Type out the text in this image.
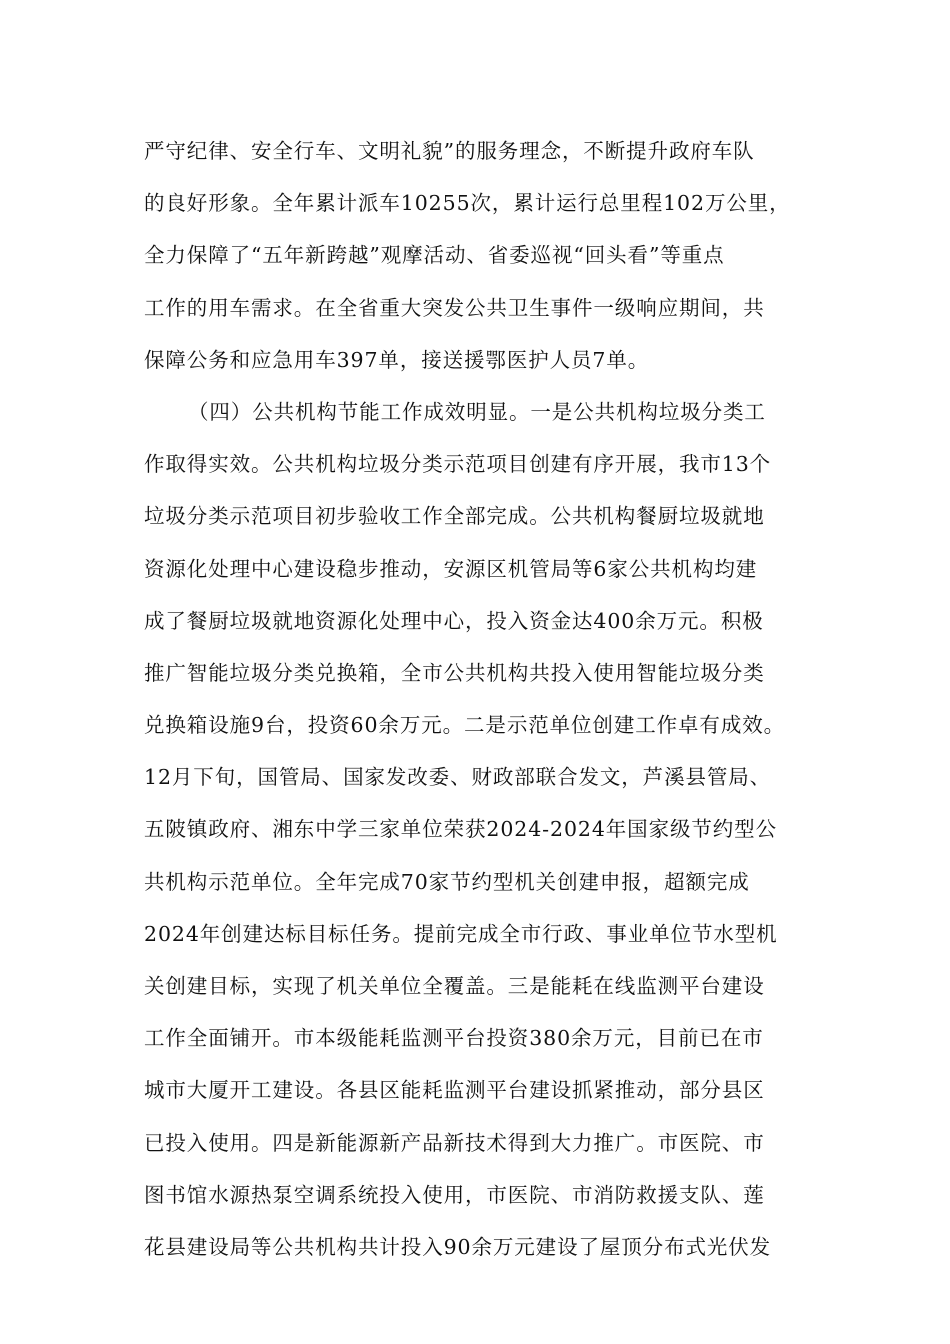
严守纪律、安全行车、文明礼貌”的服务理念，不断提升政府车队
的良好形象。全年累计派车10255次，累计运行总里程102万公里，
全力保障了“五年新跨越”观摩活动、省委巡视“回头看”等重点
工作的用车需求。在全省重大突发公共卫生事件一级响应期间，共
保障公务和应急用车397单，接送援鄂医护人员7单。
（四）公共机构节能工作成效明显。一是公共机构垃圾分类工
作取得实效。公共机构垃圾分类示范项目创建有序开展，我市13个
垃圾分类示范项目初步验收工作全部完成。公共机构餐厨垃圾就地
资源化处理中心建设稳步推动，安源区机管局等6家公共机构均建
成了餐厨垃圾就地资源化处理中心，投入资金达400余万元。积极
推广智能垃圾分类兑换箱，全市公共机构共投入使用智能垃圾分类
兑换箱设施9台，投资60余万元。二是示范单位创建工作卓有成效。
12月下旬，国管局、国家发改委、财政部联合发文，芦溪县管局、
五陂镇政府、湘东中学三家单位荣获2024-2024年国家级节约型公
共机构示范单位。全年完成70家节约型机关创建申报，超额完成
2024年创建达标目标任务。提前完成全市行政、事业单位节水型机
关创建目标，实现了机关单位全覆盖。三是能耗在线监测平台建设
工作全面铺开。市本级能耗监测平台投资380余万元，目前已在市
城市大厦开工建设。各县区能耗监测平台建设抓紧推动，部分县区
已投入使用。四是新能源新产品新技术得到大力推广。市医院、市
图书馆水源热泵空调系统投入使用，市医院、市消防救援支队、莲
花县建设局等公共机构共计投入90余万元建设了屋顶分布式光伏发
